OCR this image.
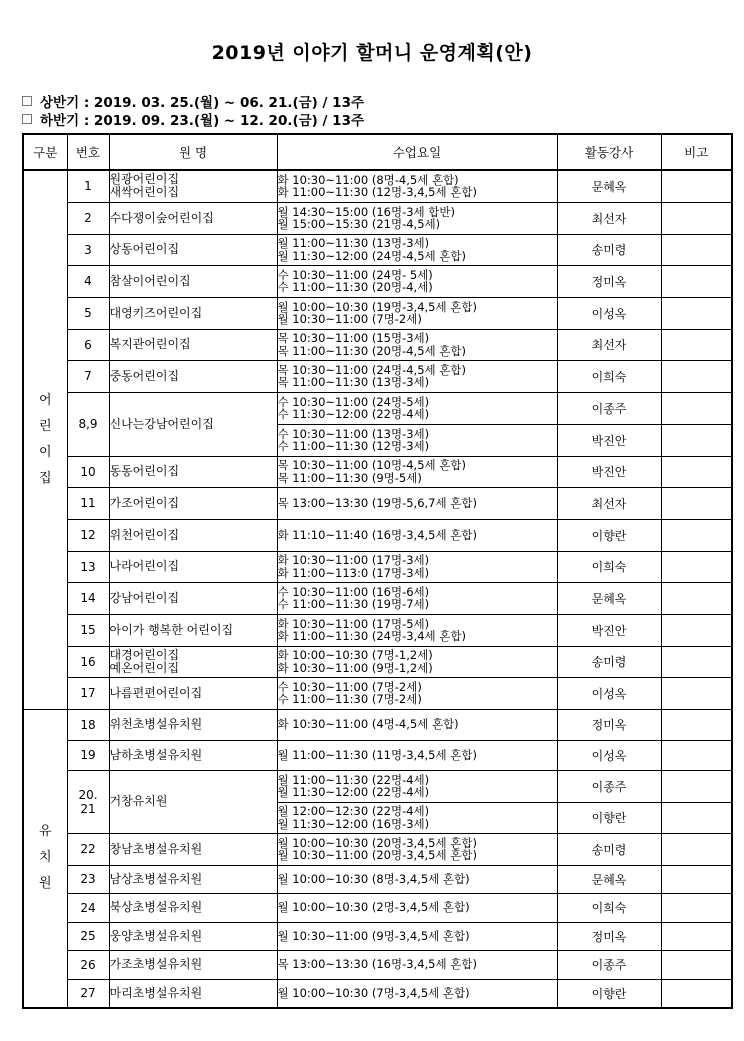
2019년 이야기 할머니 운영계획(안)
상반기 : 2019. 03. 25.(월) ~ 06. 21.(금) / 13주
하반기 : 2019. 09. 23.(월) ~ 12. 20.(금) / 13주
구분	번호	원 명	수업요일	활동강사	비고

어
린
이
집	1	원광어린이집
새싹어린이집	화 10:30~11:00 (8명-4,5세 혼합)
화 11:00~11:30 (12명-3,4,5세 혼합)	문혜옥	

	2	수다쟁이숲어린이집	월 14:30~15:00 (16명-3세 합반)
월 15:00~15:30 (21명-4,5세)	최선자	

	3	상동어린이집	월 11:00~11:30 (13명-3세)
월 11:30~12:00 (24명-4,5세 혼합)	송미령	

	4	참살이어린이집	수 10:30~11:00 (24명- 5세)
수 11:00~11:30 (20명-4,세)	정미옥	

	5	대영키즈어린이집	월 10:00~10:30 (19명-3,4,5세 혼합)
월 10:30~11:00 (7명-2세)	이성옥	

	6	복지관어린이집	목 10:30~11:00 (15명-3세)
목 11:00~11:30 (20명-4,5세 혼합)	최선자	

	7	중동어린이집	목 10:30~11:00 (24명-4,5세 혼합)
목 11:00~11:30 (13명-3세)	이희숙	

	8,9	신나는강남어린이집	수 10:30~11:00 (24명-5세)
수 11:30~12:00 (22명-4세)	이종주	

			수 10:30~11:00 (13명-3세)
수 11:00~11:30 (12명-3세)	박진안	

	10	동동어린이집	목 10:30~11:00 (10명-4,5세 혼합)
목 11:00~11:30 (9명-5세)	박진안	

	11	가조어린이집	목 13:00~13:30 (19명-5,6,7세 혼합)	최선자	

	12	위천어린이집	화 11:10~11:40 (16명-3,4,5세 혼합)	이향란	

	13	나라어린이집	화 10:30~11:00 (17명-3세)
화 11:00~113:0 (17명-3세)	이희숙	

	14	강남어린이집	수 10:30~11:00 (16명-6세)
수 11:00~11:30 (19명-7세)	문혜옥	

	15	아이가 행복한 어린이집	화 10:30~11:00 (17명-5세)
화 11:00~11:30 (24명-3,4세 혼합)	박진안	

	16	대경어린이집
예온어린이집	화 10:00~10:30 (7명-1,2세)
화 10:30~11:00 (9명-1,2세)	송미령	

	17	나름편편어린이집	수 10:30~11:00 (7명-2세)
수 11:00~11:30 (7명-2세)	이성옥	

유
치
원	18	위천초병설유치원	화 10:30~11:00 (4명-4,5세 혼합)	정미옥	

	19	남하초병설유치원	월 11:00~11:30 (11명-3,4,5세 혼합)	이성옥	

	20.
21	거창유치원	월 11:00~11:30 (22명-4세)
월 11:30~12:00 (22명-4세)	이종주	

			월 12:00~12:30 (22명-4세)
월 11:30~12:00 (16명-3세)	이향란	

	22	창남초병설유치원	월 10:00~10:30 (20명-3,4,5세 혼합)
월 10:30~11:00 (20명-3,4,5세 혼합)	송미령	

	23	남상초병설유치원	월 10:00~10:30 (8명-3,4,5세 혼합)	문혜옥	

	24	북상초병설유치원	월 10:00~10:30 (2명-3,4,5세 혼합)	이희숙	

	25	웅양초병설유치원	월 10:30~11:00 (9명-3,4,5세 혼합)	정미옥	

	26	가조초병설유치원	목 13:00~13:30 (16명-3,4,5세 혼합)	이종주	

	27	마리초병설유치원	월 10:00~10:30 (7명-3,4,5세 혼합)	이향란	
